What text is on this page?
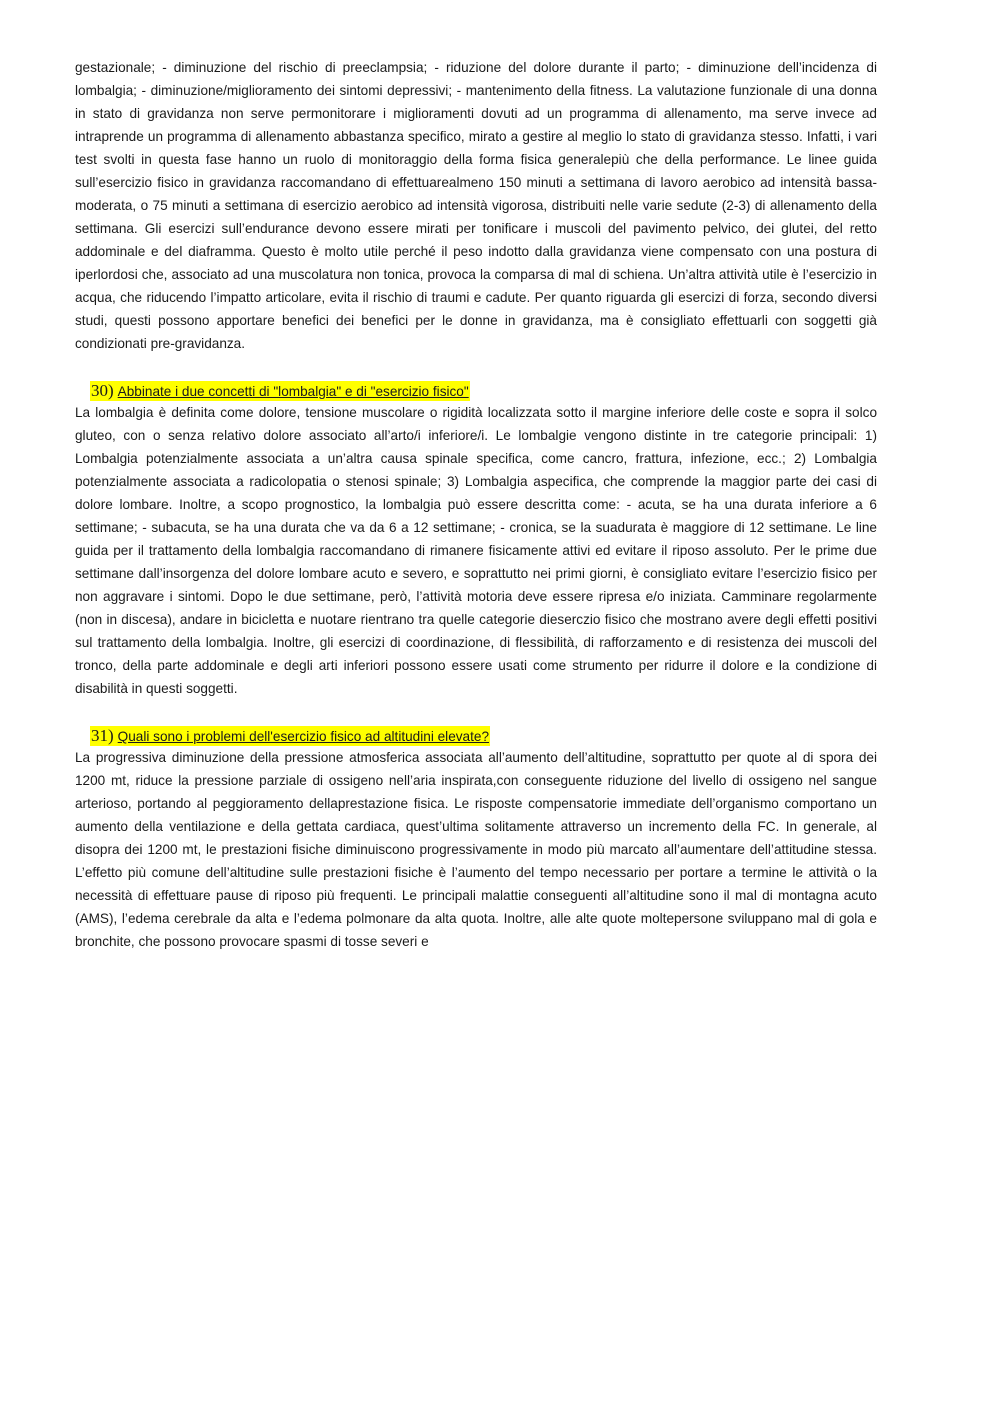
gestazionale; - diminuzione del rischio di preeclampsia; - riduzione del dolore durante il parto; - diminuzione dell’incidenza di lombalgia; - diminuzione/miglioramento dei sintomi depressivi; - mantenimento della fitness. La valutazione funzionale di una donna in stato di gravidanza non serve permonitorare i miglioramenti dovuti ad un programma di allenamento, ma serve invece ad intraprende un programma di allenamento abbastanza specifico, mirato a gestire al meglio lo stato di gravidanza stesso. Infatti, i vari test svolti in questa fase hanno un ruolo di monitoraggio della forma fisica generalepiù che della performance. Le linee guida sull’esercizio fisico in gravidanza raccomandano di effettuarealmeno 150 minuti a settimana di lavoro aerobico ad intensità bassa-moderata, o 75 minuti a settimana di esercizio aerobico ad intensità vigorosa, distribuiti nelle varie sedute (2-3) di allenamento della settimana. Gli esercizi sull’endurance devono essere mirati per tonificare i muscoli del pavimento pelvico, dei glutei, del retto addominale e del diaframma. Questo è molto utile perché il peso indotto dalla gravidanza viene compensato con una postura di iperlordosi che, associato ad una muscolatura non tonica, provoca la comparsa di mal di schiena. Un’altra attività utile è l’esercizio in acqua, che riducendo l’impatto articolare, evita il rischio di traumi e cadute. Per quanto riguarda gli esercizi di forza, secondo diversi studi, questi possono apportare benefici dei benefici per le donne in gravidanza, ma è consigliato effettuarli con soggetti già condizionati pre-gravidanza.

30) Abbinate i due concetti di "lombalgia" e di "esercizio fisico"

La lombalgia è definita come dolore, tensione muscolare o rigidità localizzata sotto il margine inferiore delle coste e sopra il solco gluteo, con o senza relativo dolore associato all’arto/i inferiore/i. Le lombalgie vengono distinte in tre categorie principali: 1) Lombalgia potenzialmente associata a un’altra causa spinale specifica, come cancro, frattura, infezione, ecc.; 2) Lombalgia potenzialmente associata a radicolopatia o stenosi spinale; 3) Lombalgia aspecifica, che comprende la maggior parte dei casi di dolore lombare. Inoltre, a scopo prognostico, la lombalgia può essere descritta come: - acuta, se ha una durata inferiore a 6 settimane; - subacuta, se ha una durata che va da 6 a 12 settimane; - cronica, se la suadurata è maggiore di 12 settimane. Le line guida per il trattamento della lombalgia raccomandano di rimanere fisicamente attivi ed evitare il riposo assoluto. Per le prime due settimane dall’insorgenza del dolore lombare acuto e severo, e soprattutto nei primi giorni, è consigliato evitare l’esercizio fisico per non aggravare i sintomi. Dopo le due settimane, però, l’attività motoria deve essere ripresa e/o iniziata. Camminare regolarmente (non in discesa), andare in bicicletta e nuotare rientrano tra quelle categorie dieserczio fisico che mostrano avere degli effetti positivi sul trattamento della lombalgia. Inoltre, gli esercizi di coordinazione, di flessibilità, di rafforzamento e di resistenza dei muscoli del tronco, della parte addominale e degli arti inferiori possono essere usati come strumento per ridurre il dolore e la condizione di disabilità in questi soggetti.

31) Quali sono i problemi dell'esercizio fisico ad altitudini elevate?

La progressiva diminuzione della pressione atmosferica associata all’aumento dell’altitudine, soprattutto per quote al di spora dei 1200 mt, riduce la pressione parziale di ossigeno nell’aria inspirata,con conseguente riduzione del livello di ossigeno nel sangue arterioso, portando al peggioramento dellaprestazione fisica. Le risposte compensatorie immediate dell’organismo comportano un aumento della ventilazione e della gettata cardiaca, quest’ultima solitamente attraverso un incremento della FC. In generale, al disopra dei 1200 mt, le prestazioni fisiche diminuiscono progressivamente in modo più marcato all’aumentare dell’attitudine stessa. L’effetto più comune dell’altitudine sulle prestazioni fisiche è l’aumento del tempo necessario per portare a termine le attività o la necessità di effettuare pause di riposo più frequenti. Le principali malattie conseguenti all’altitudine sono il mal di montagna acuto (AMS), l’edema cerebrale da alta e l’edema polmonare da alta quota. Inoltre, alle alte quote moltepersone sviluppano mal di gola e bronchite, che possono provocare spasmi di tosse severi e
